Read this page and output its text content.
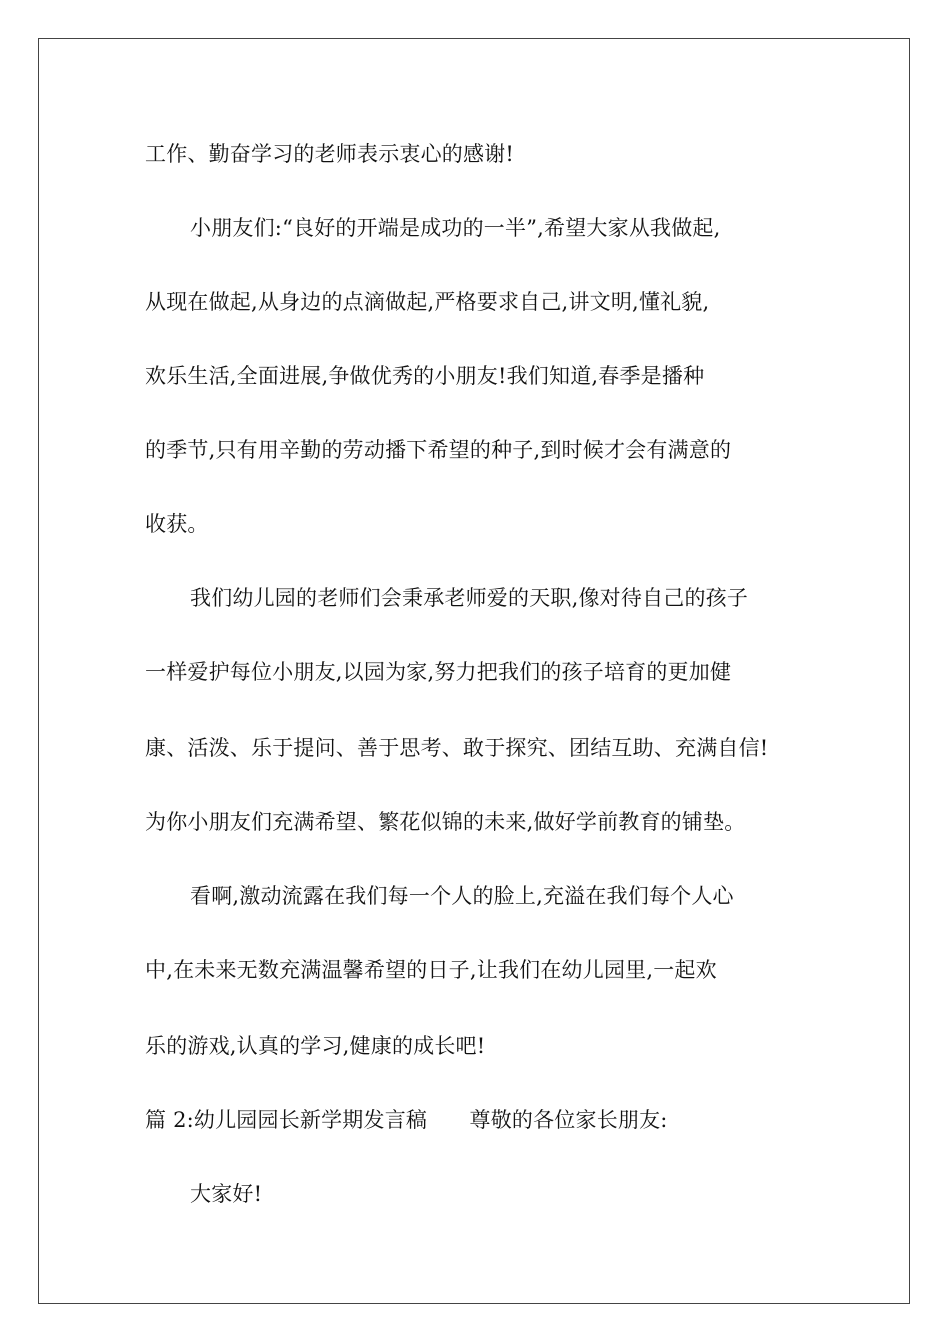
工作、勤奋学习的老师表示衷心的感谢!
小朋友们:“良好的开端是成功的一半”,希望大家从我做起,
从现在做起,从身边的点滴做起,严格要求自己,讲文明,懂礼貌,
欢乐生活,全面进展,争做优秀的小朋友!我们知道,春季是播种
的季节,只有用辛勤的劳动播下希望的种子,到时候才会有满意的
收获。
我们幼儿园的老师们会秉承老师爱的天职,像对待自己的孩子
一样爱护每位小朋友,以园为家,努力把我们的孩子培育的更加健
康、活泼、乐于提问、善于思考、敢于探究、团结互助、充满自信!
为你小朋友们充满希望、繁花似锦的未来,做好学前教育的铺垫。
看啊,激动流露在我们每一个人的脸上,充溢在我们每个人心
中,在未来无数充满温馨希望的日子,让我们在幼儿园里,一起欢
乐的游戏,认真的学习,健康的成长吧!
篇 2:幼儿园园长新学期发言稿　　尊敬的各位家长朋友:
大家好!
